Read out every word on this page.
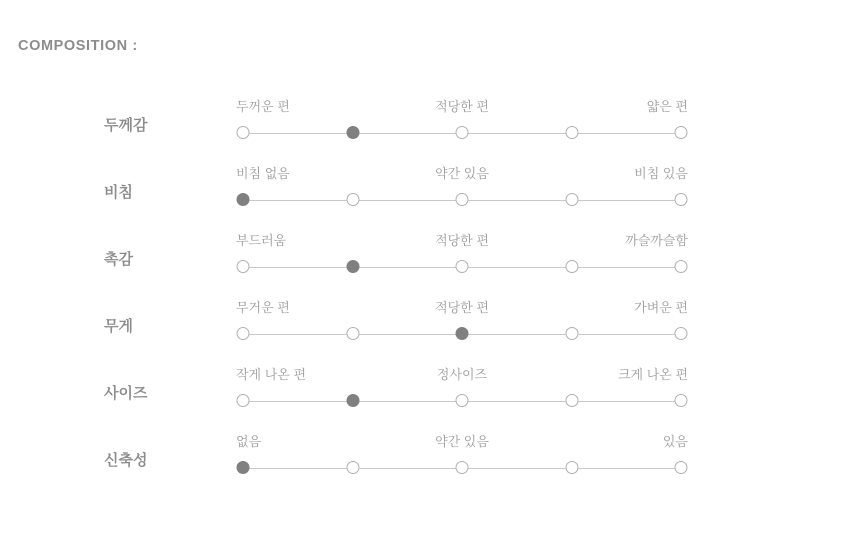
COMPOSITION :
두께감
두꺼운 편	적당한 편	얇은 편
비침
비침 없음	약간 있음	비침 있음
촉감
부드러움	적당한 편	까슬까슬함
무게
무거운 편	적당한 편	가벼운 편
사이즈
작게 나온 편	정사이즈	크게 나온 편
신축성
없음	약간 있음	있음
